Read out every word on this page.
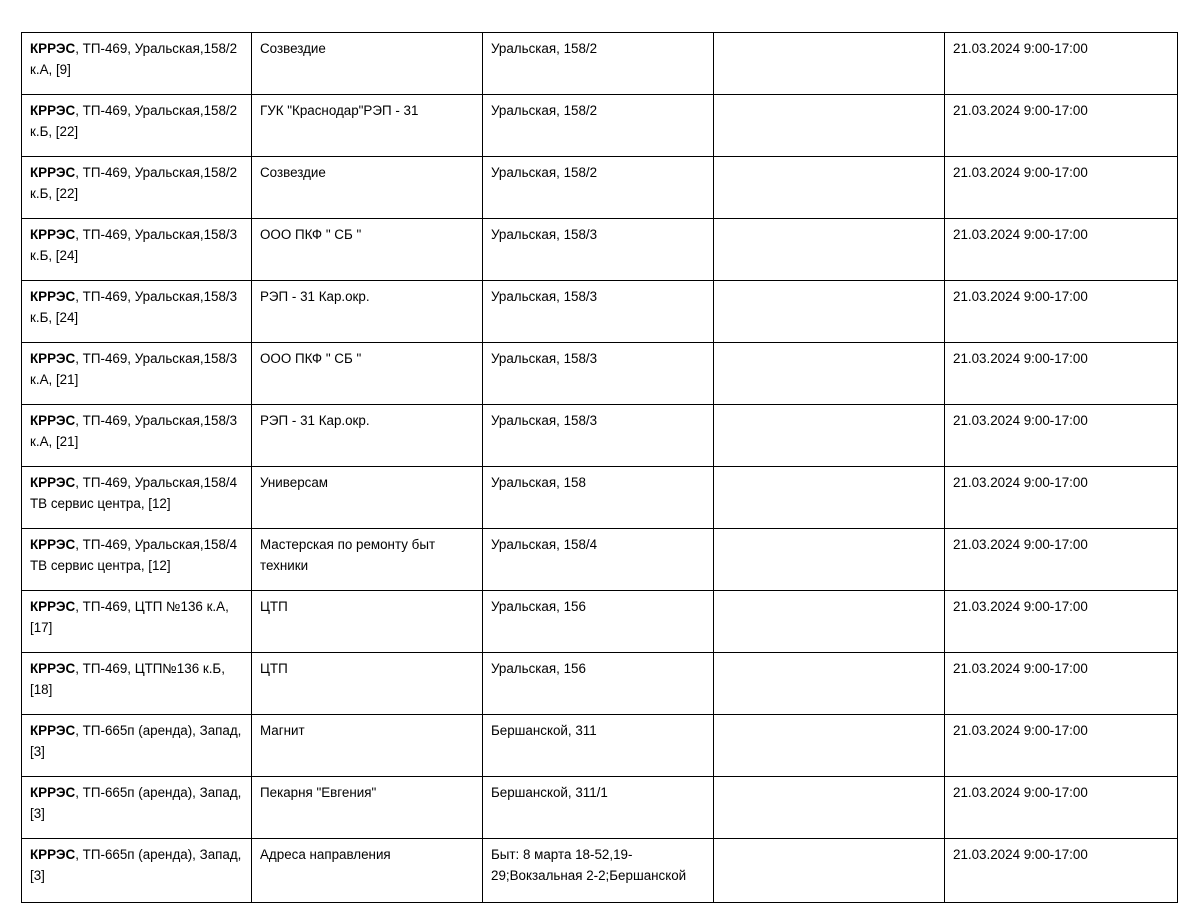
КРРЭС, ТП-469, Уральская,158/2 к.А, [9]	Созвездие	Уральская, 158/2		21.03.2024 9:00-17:00
КРРЭС, ТП-469, Уральская,158/2 к.Б, [22]	ГУК "Краснодар"РЭП - 31	Уральская, 158/2		21.03.2024 9:00-17:00
КРРЭС, ТП-469, Уральская,158/2 к.Б, [22]	Созвездие	Уральская, 158/2		21.03.2024 9:00-17:00
КРРЭС, ТП-469, Уральская,158/3 к.Б, [24]	ООО ПКФ " СБ "	Уральская, 158/3		21.03.2024 9:00-17:00
КРРЭС, ТП-469, Уральская,158/3 к.Б, [24]	РЭП - 31 Кар.окр.	Уральская, 158/3		21.03.2024 9:00-17:00
КРРЭС, ТП-469, Уральская,158/3 к.А, [21]	ООО ПКФ " СБ "	Уральская, 158/3		21.03.2024 9:00-17:00
КРРЭС, ТП-469, Уральская,158/3 к.А, [21]	РЭП - 31 Кар.окр.	Уральская, 158/3		21.03.2024 9:00-17:00
КРРЭС, ТП-469, Уральская,158/4 ТВ сервис центра, [12]	Универсам	Уральская, 158		21.03.2024 9:00-17:00
КРРЭС, ТП-469, Уральская,158/4 ТВ сервис центра, [12]	Мастерская по ремонту быт техники	Уральская, 158/4		21.03.2024 9:00-17:00
КРРЭС, ТП-469, ЦТП №136 к.А, [17]	ЦТП	Уральская, 156		21.03.2024 9:00-17:00
КРРЭС, ТП-469, ЦТП№136 к.Б, [18]	ЦТП	Уральская, 156		21.03.2024 9:00-17:00
КРРЭС, ТП-665п (аренда), Запад, [3]	Магнит	Бершанской, 311		21.03.2024 9:00-17:00
КРРЭС, ТП-665п (аренда), Запад, [3]	Пекарня "Евгения"	Бершанской, 311/1		21.03.2024 9:00-17:00
КРРЭС, ТП-665п (аренда), Запад, [3]	Адреса направления	Быт: 8 марта 18-52,19-29;Вокзальная 2-2;Бершанской		21.03.2024 9:00-17:00
